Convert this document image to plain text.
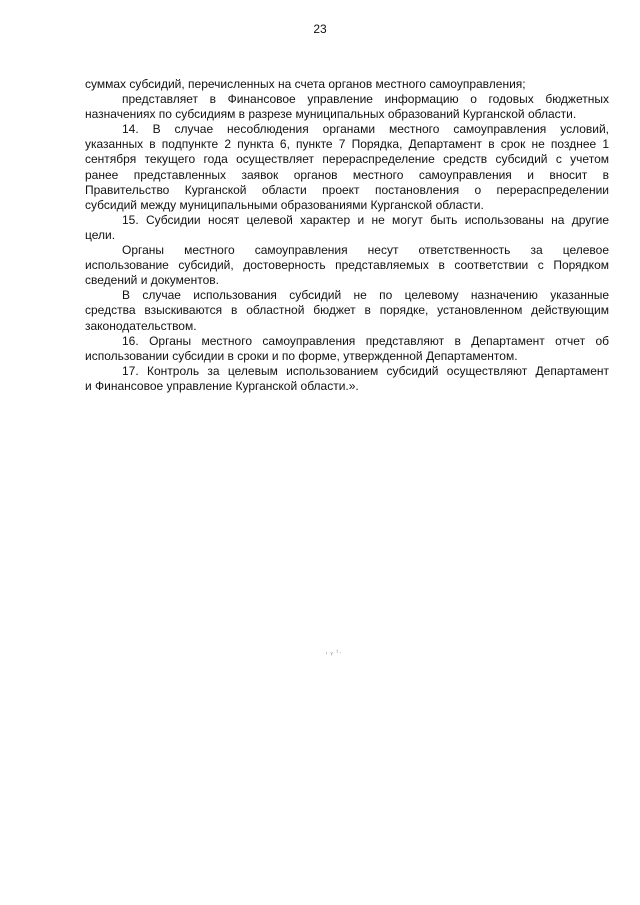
23
суммах субсидий, перечисленных на счета органов местного самоуправления;
представляет в Финансовое управление информацию о годовых бюджетных
назначениях по субсидиям в разрезе муниципальных образований Курганской области.
14. В случае несоблюдения органами местного самоуправления условий,
указанных в подпункте 2 пункта 6, пункте 7 Порядка, Департамент в срок не позднее 1
сентября текущего года осуществляет перераспределение средств субсидий с учетом
ранее представленных заявок органов местного самоуправления и вносит в
Правительство Курганской области проект постановления о перераспределении
субсидий между муниципальными образованиями Курганской области.
15. Субсидии носят целевой характер и не могут быть использованы на другие
цели.
Органы местного самоуправления несут ответственность за целевое
использование субсидий, достоверность представляемых в соответствии с Порядком
сведений и документов.
В случае использования субсидий не по целевому назначению указанные
средства взыскиваются в областной бюджет в порядке, установленном действующим
законодательством.
16. Органы местного самоуправления представляют в Департамент отчет об
использовании субсидии в сроки и по форме, утвержденной Департаментом.
17. Контроль за целевым использованием субсидий осуществляют Департамент
и Финансовое управление Курганской области.».
ᵢ ᵧ ¹·
